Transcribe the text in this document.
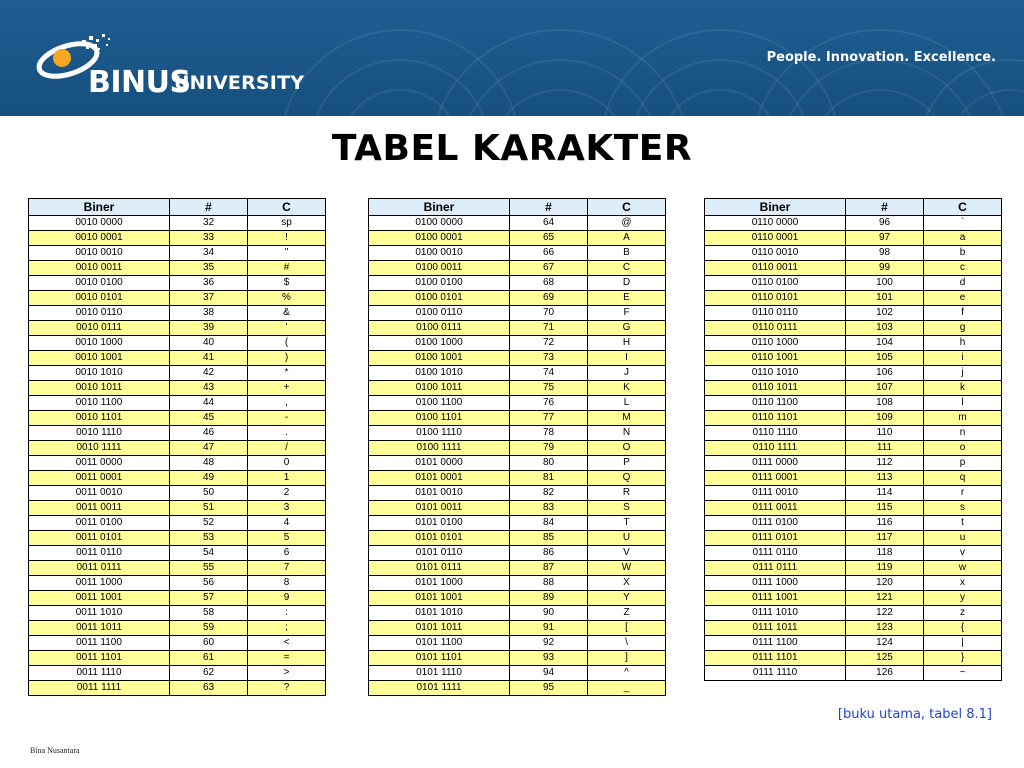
BINUS
UNIVERSITY
People. Innovation. Excellence.
TABEL KARAKTER
Biner	#	C
0010 0000	32	sp
0010 0001	33	!
0010 0010	34	"
0010 0011	35	#
0010 0100	36	$
0010 0101	37	%
0010 0110	38	&
0010 0111	39	'
0010 1000	40	(
0010 1001	41	)
0010 1010	42	*
0010 1011	43	+
0010 1100	44	,
0010 1101	45	-
0010 1110	46	.
0010 1111	47	/
0011 0000	48	0
0011 0001	49	1
0011 0010	50	2
0011 0011	51	3
0011 0100	52	4
0011 0101	53	5
0011 0110	54	6
0011 0111	55	7
0011 1000	56	8
0011 1001	57	9
0011 1010	58	:
0011 1011	59	;
0011 1100	60	<
0011 1101	61	=
0011 1110	62	>
0011 1111	63	?
Biner	#	C
0100 0000	64	@
0100 0001	65	A
0100 0010	66	B
0100 0011	67	C
0100 0100	68	D
0100 0101	69	E
0100 0110	70	F
0100 0111	71	G
0100 1000	72	H
0100 1001	73	I
0100 1010	74	J
0100 1011	75	K
0100 1100	76	L
0100 1101	77	M
0100 1110	78	N
0100 1111	79	O
0101 0000	80	P
0101 0001	81	Q
0101 0010	82	R
0101 0011	83	S
0101 0100	84	T
0101 0101	85	U
0101 0110	86	V
0101 0111	87	W
0101 1000	88	X
0101 1001	89	Y
0101 1010	90	Z
0101 1011	91	[
0101 1100	92	\
0101 1101	93	]
0101 1110	94	^
0101 1111	95	_
Biner	#	C
0110 0000	96	`
0110 0001	97	a
0110 0010	98	b
0110 0011	99	c
0110 0100	100	d
0110 0101	101	e
0110 0110	102	f
0110 0111	103	g
0110 1000	104	h
0110 1001	105	i
0110 1010	106	j
0110 1011	107	k
0110 1100	108	l
0110 1101	109	m
0110 1110	110	n
0110 1111	111	o
0111 0000	112	p
0111 0001	113	q
0111 0010	114	r
0111 0011	115	s
0111 0100	116	t
0111 0101	117	u
0111 0110	118	v
0111 0111	119	w
0111 1000	120	x
0111 1001	121	y
0111 1010	122	z
0111 1011	123	{
0111 1100	124	|
0111 1101	125	}
0111 1110	126	~
[buku utama, tabel 8.1]
Bina Nusantara
